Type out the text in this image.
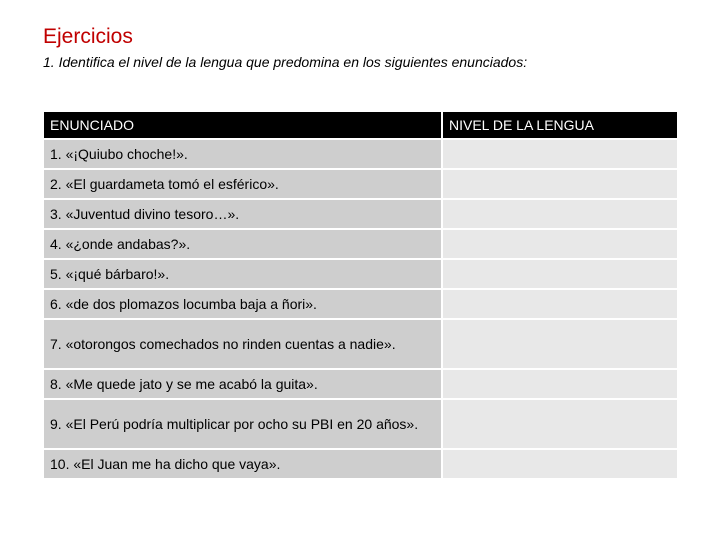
Ejercicios
1. Identifica el nivel de la lengua que predomina en los siguientes enunciados:
ENUNCIADO	NIVEL DE LA LENGUA
1. «¡Quiubo choche!».	
2. «El guardameta tomó el esférico».	
3. «Juventud divino tesoro…».	
4. «¿onde andabas?».	
5. «¡qué bárbaro!».	
6. «de dos plomazos locumba baja a ñori».	
7. «otorongos comechados no rinden cuentas a nadie».	
8. «Me quede jato y se me acabó la guita».	
9. «El Perú podría multiplicar por ocho su PBI en 20 años».	
10. «El Juan me ha dicho que vaya».	
